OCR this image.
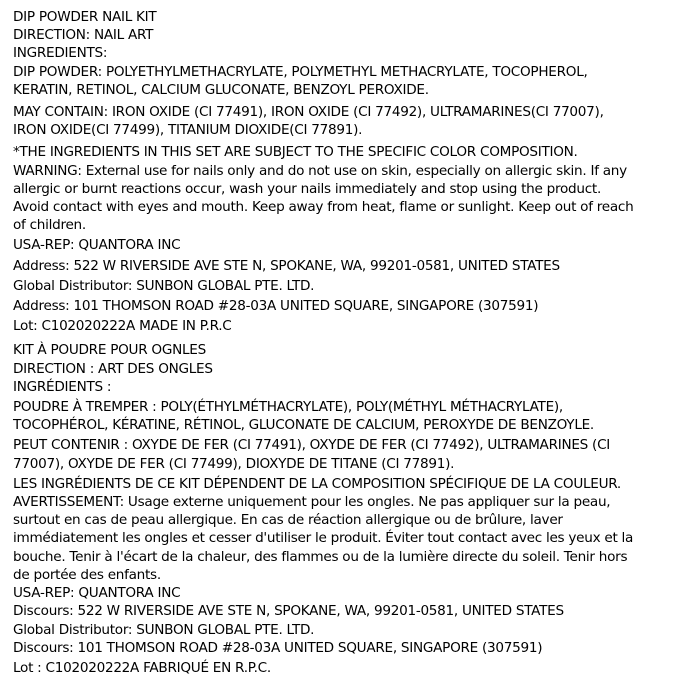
DIP POWDER NAIL KIT
DIRECTION: NAIL ART
INGREDIENTS:
DIP POWDER: POLYETHYLMETHACRYLATE, POLYMETHYL METHACRYLATE, TOCOPHEROL,
KERATIN, RETINOL, CALCIUM GLUCONATE, BENZOYL PEROXIDE.
MAY CONTAIN: IRON OXIDE (CI 77491), IRON OXIDE (CI 77492), ULTRAMARINES(CI 77007),
IRON OXIDE(CI 77499), TITANIUM DIOXIDE(CI 77891).
*THE INGREDIENTS IN THIS SET ARE SUBJECT TO THE SPECIFIC COLOR COMPOSITION.
WARNING: External use for nails only and do not use on skin, especially on allergic skin. If any
allergic or burnt reactions occur, wash your nails immediately and stop using the product.
Avoid contact with eyes and mouth. Keep away from heat, flame or sunlight. Keep out of reach
of children.
USA-REP: QUANTORA INC
Address: 522 W RIVERSIDE AVE STE N, SPOKANE, WA, 99201-0581, UNITED STATES
Global Distributor: SUNBON GLOBAL PTE. LTD.
Address: 101 THOMSON ROAD #28-03A UNITED SQUARE, SINGAPORE (307591)
Lot: C102020222A MADE IN P.R.C
KIT À POUDRE POUR OGNLES
DIRECTION : ART DES ONGLES
INGRÉDIENTS :
POUDRE À TREMPER : POLY(ÉTHYLMÉTHACRYLATE), POLY(MÉTHYL MÉTHACRYLATE),
TOCOPHÉROL, KÉRATINE, RÉTINOL, GLUCONATE DE CALCIUM, PEROXYDE DE BENZOYLE.
PEUT CONTENIR : OXYDE DE FER (CI 77491), OXYDE DE FER (CI 77492), ULTRAMARINES (CI
77007), OXYDE DE FER (CI 77499), DIOXYDE DE TITANE (CI 77891).
LES INGRÉDIENTS DE CE KIT DÉPENDENT DE LA COMPOSITION SPÉCIFIQUE DE LA COULEUR.
AVERTISSEMENT: Usage externe uniquement pour les ongles. Ne pas appliquer sur la peau,
surtout en cas de peau allergique. En cas de réaction allergique ou de brûlure, laver
immédiatement les ongles et cesser d'utiliser le produit. Éviter tout contact avec les yeux et la
bouche. Tenir à l'écart de la chaleur, des flammes ou de la lumière directe du soleil. Tenir hors
de portée des enfants.
USA-REP: QUANTORA INC
Discours: 522 W RIVERSIDE AVE STE N, SPOKANE, WA, 99201-0581, UNITED STATES
Global Distributor: SUNBON GLOBAL PTE. LTD.
Discours: 101 THOMSON ROAD #28-03A UNITED SQUARE, SINGAPORE (307591)
Lot : C102020222A FABRIQUÉ EN R.P.C.
